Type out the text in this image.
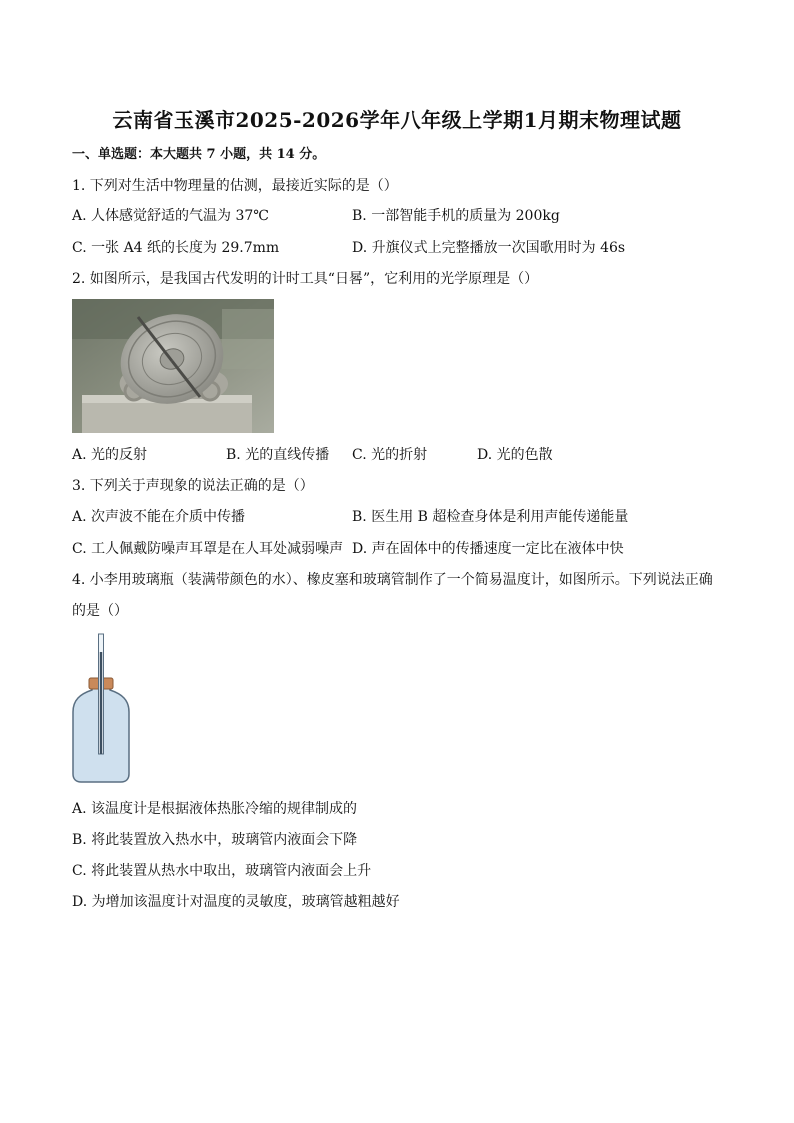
云南省玉溪市2025-2026学年八年级上学期1月期末物理试题
一、单选题：本大题共 7 小题，共 14 分。
1. 下列对生活中物理量的估测，最接近实际的是（）
A. 人体感觉舒适的气温为 37℃	B. 一部智能手机的质量为 200kg
C. 一张 A4 纸的长度为 29.7mm	D. 升旗仪式上完整播放一次国歌用时为 46s
2. 如图所示，是我国古代发明的计时工具“日晷”，它利用的光学原理是（）
A. 光的反射	B. 光的直线传播 C. 光的折射	D. 光的色散
3. 下列关于声现象的说法正确的是（）
A. 次声波不能在介质中传播	B. 医生用 B 超检查身体是利用声能传递能量
C. 工人佩戴防噪声耳罩是在人耳处减弱噪声 D. 声在固体中的传播速度一定比在液体中快
4. 小李用玻璃瓶（装满带颜色的水）、橡皮塞和玻璃管制作了一个简易温度计，如图所示。下列说法正确
的是（）
A. 该温度计是根据液体热胀冷缩的规律制成的
B. 将此装置放入热水中，玻璃管内液面会下降
C. 将此装置从热水中取出，玻璃管内液面会上升
D. 为增加该温度计对温度的灵敏度，玻璃管越粗越好
